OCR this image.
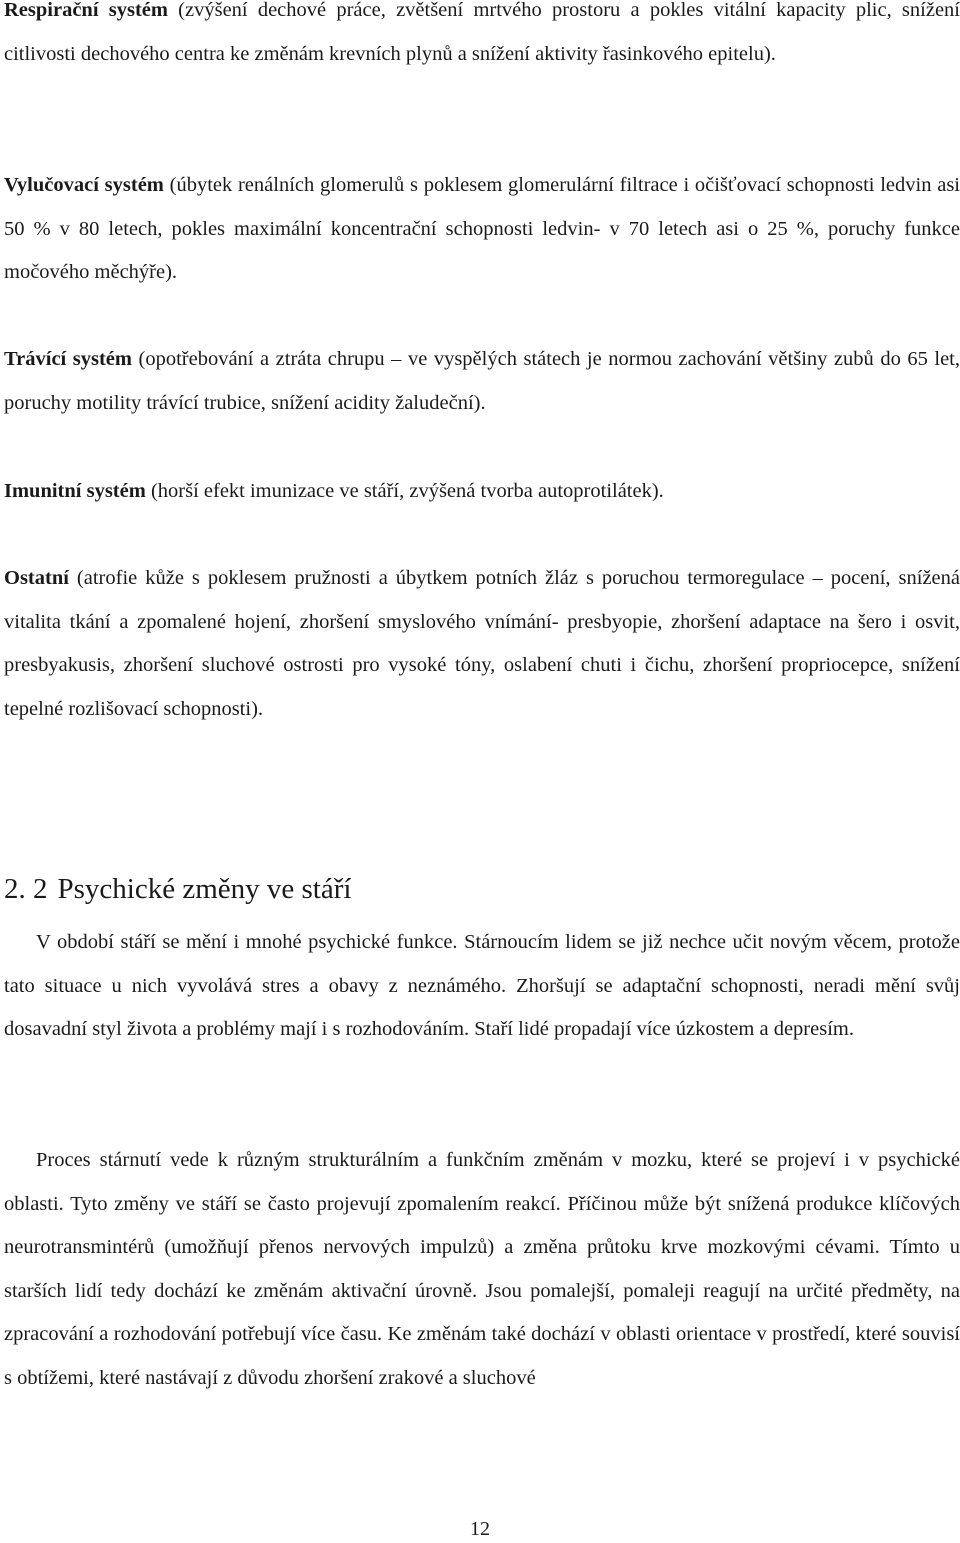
Respirační systém (zvýšení dechové práce, zvětšení mrtvého prostoru a pokles vitální kapacity plic, snížení citlivosti dechového centra ke změnám krevních plynů a snížení aktivity řasinkového epitelu).

Vylučovací systém (úbytek renálních glomerulů s poklesem glomerulární filtrace i očišťovací schopnosti ledvin asi 50 % v 80 letech, pokles maximální koncentrační schopnosti ledvin- v 70 letech asi o 25 %, poruchy funkce močového měchýře).

Trávící systém (opotřebování a ztráta chrupu – ve vyspělých státech je normou zachování většiny zubů do 65 let, poruchy motility trávící trubice, snížení acidity žaludeční).

Imunitní systém (horší efekt imunizace ve stáří, zvýšená tvorba autoprotilátek).

Ostatní (atrofie kůže s poklesem pružnosti a úbytkem potních žláz s poruchou termoregulace – pocení, snížená vitalita tkání a zpomalené hojení, zhoršení smyslového vnímání- presbyopie, zhoršení adaptace na šero i osvit, presbyakusis, zhoršení sluchové ostrosti pro vysoké tóny, oslabení chuti i čichu, zhoršení propriocepce, snížení tepelné rozlišovací schopnosti).

2. 2 Psychické změny ve stáří

V období stáří se mění i mnohé psychické funkce. Stárnoucím lidem se již nechce učit novým věcem, protože tato situace u nich vyvolává stres a obavy z neznámého. Zhoršují se adaptační schopnosti, neradi mění svůj dosavadní styl života a problémy mají i s rozhodováním. Staří lidé propadají více úzkostem a depresím.

Proces stárnutí vede k různým strukturálním a funkčním změnám v mozku, které se projeví i v psychické oblasti. Tyto změny ve stáří se často projevují zpomalením reakcí. Příčinou může být snížená produkce klíčových neurotransmintérů (umožňují přenos nervových impulzů) a změna průtoku krve mozkovými cévami. Tímto u starších lidí tedy dochází ke změnám aktivační úrovně. Jsou pomalejší, pomaleji reagují na určité předměty, na zpracování a rozhodování potřebují více času. Ke změnám také dochází v oblasti orientace v prostředí, které souvisí s obtížemi, které nastávají z důvodu zhoršení zrakové a sluchové

12
